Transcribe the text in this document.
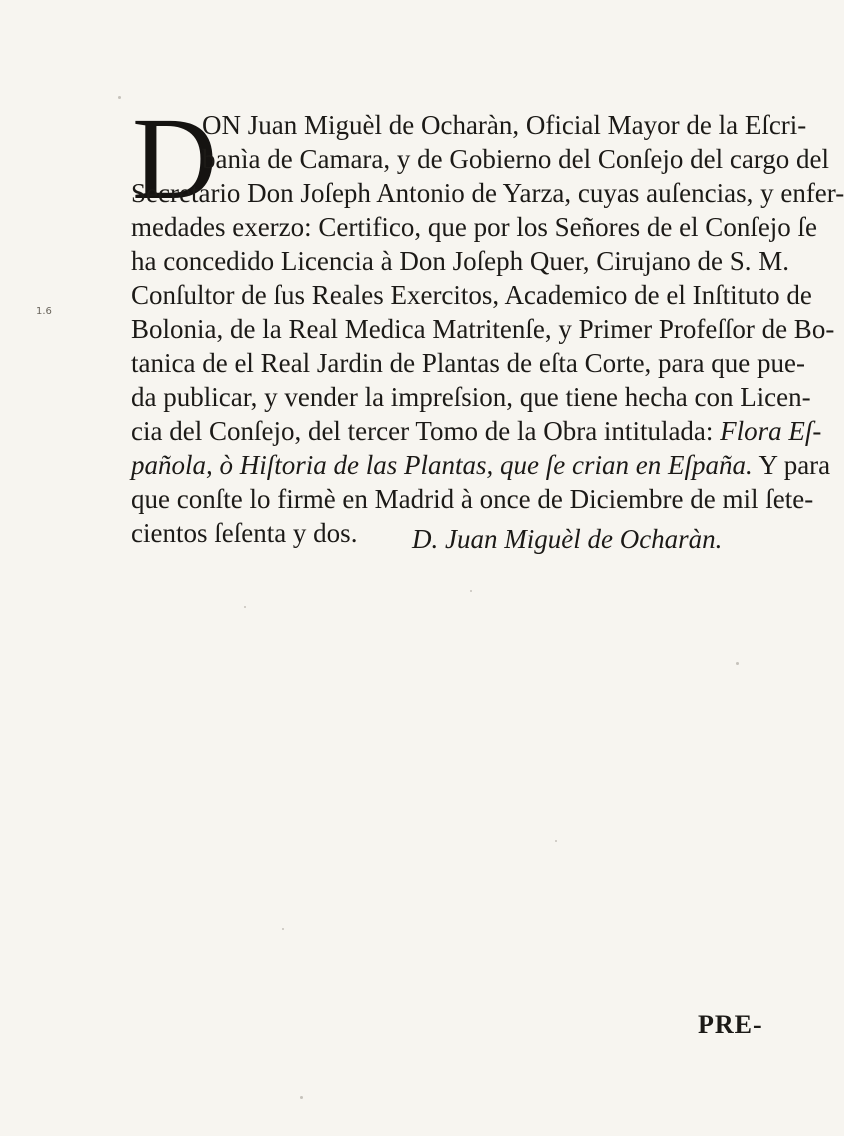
1.6
D
ON Juan Miguèl de Ocharàn, Oficial Mayor de la Eſcri-
banìa de Camara, y de Gobierno del Conſejo del cargo del
Secretario Don Joſeph Antonio de Yarza, cuyas auſencias, y enfer-
medades exerzo: Certifico, que por los Señores de el Conſejo ſe
ha concedido Licencia à Don Joſeph Quer, Cirujano de S. M.
Conſultor de ſus Reales Exercitos, Academico de el Inſtituto de
Bolonia, de la Real Medica Matritenſe, y Primer Profeſſor de Bo-
tanica de el Real Jardin de Plantas de eſta Corte, para que pue-
da publicar, y vender la impreſsion, que tiene hecha con Licen-
cia del Conſejo, del tercer Tomo de la Obra intitulada: Flora Eſ-
pañola, ò Hiſtoria de las Plantas, que ſe crian en Eſpaña. Y para
que conſte lo firmè en Madrid à once de Diciembre de mil ſete-
cientos ſeſenta y dos.	D. Juan Miguèl de Ocharàn.
PRE-
